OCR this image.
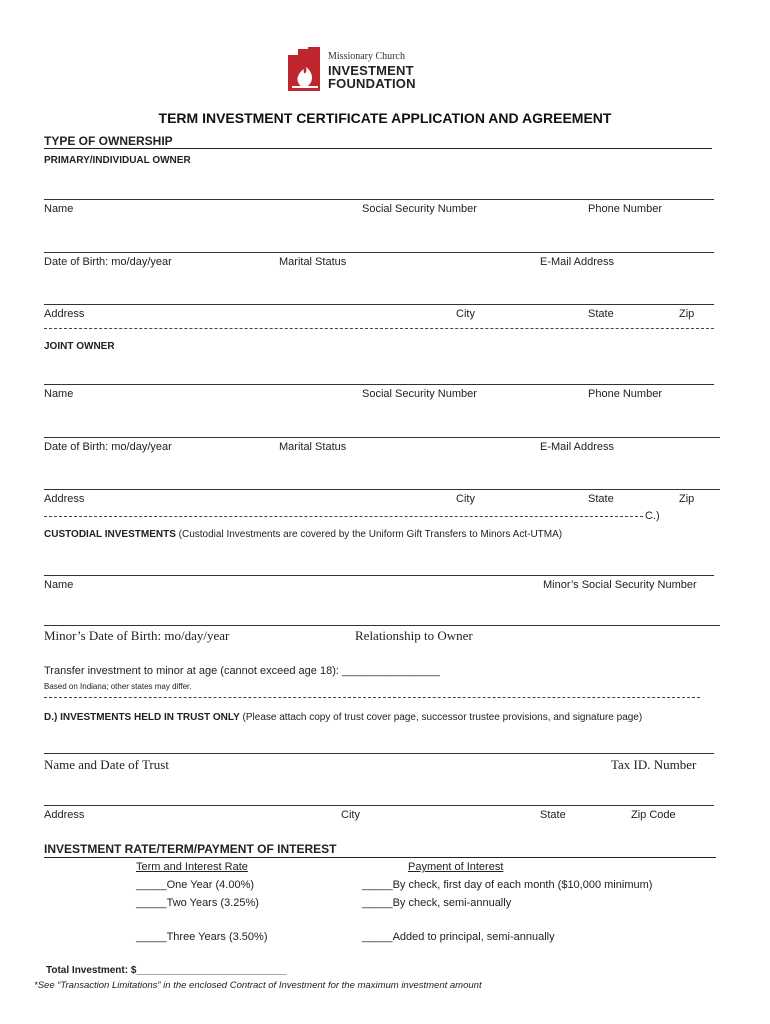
Missionary Church
INVESTMENT
FOUNDATION
TERM INVESTMENT CERTIFICATE APPLICATION AND AGREEMENT
TYPE OF OWNERSHIP
PRIMARY/INDIVIDUAL OWNER
Name	Social Security Number	Phone Number
Date of Birth: mo/day/year	Marital Status	E-Mail Address
Address	City	State	Zip
JOINT OWNER
Name	Social Security Number	Phone Number
Date of Birth: mo/day/year	Marital Status	E-Mail Address
Address	City	State	Zip
C.)
CUSTODIAL INVESTMENTS (Custodial Investments are covered by the Uniform Gift Transfers to Minors Act-UTMA)
Name	Minor’s Social Security Number
Minor’s Date of Birth: mo/day/year	Relationship to Owner
Transfer investment to minor at age (cannot exceed age 18): ________________
Based on Indiana; other states may differ.
D.) INVESTMENTS HELD IN TRUST ONLY (Please attach copy of trust cover page, successor trustee provisions, and signature page)
Name and Date of Trust	Tax ID. Number
Address	City	State	Zip Code
INVESTMENT RATE/TERM/PAYMENT OF INTEREST
Term and Interest Rate	Payment of Interest
_____One Year (4.00%)	_____By check, first day of each month ($10,000 minimum)
_____Two Years (3.25%)	_____By check, semi-annually
_____Three Years (3.50%)	_____Added to principal, semi-annually
Total Investment: $___________________________
*See “Transaction Limitations” in the enclosed Contract of Investment for the maximum investment amount
